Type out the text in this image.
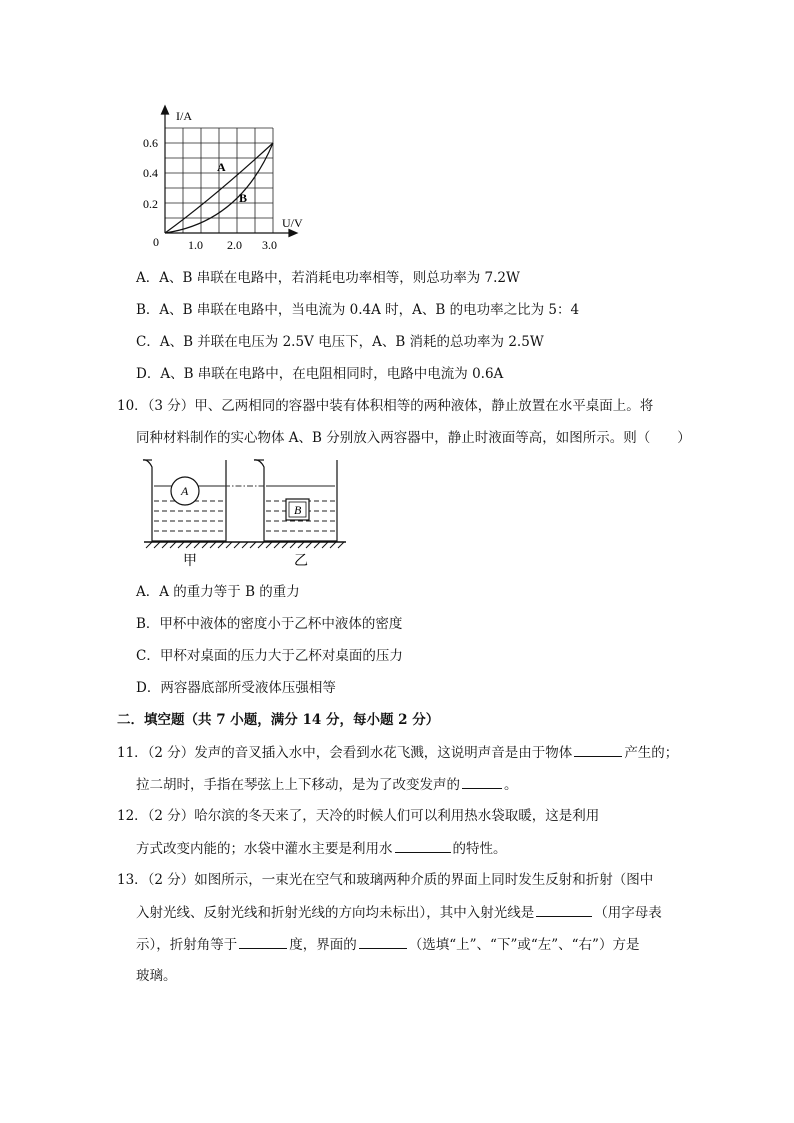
I/A
U/V
0
0.6
0.4
0.2
1.0 2.0 3.0
A
B
A．A、B 串联在电路中，若消耗电功率相等，则总功率为 7.2W
B．A、B 串联在电路中，当电流为 0.4A 时，A、B 的电功率之比为 5：4
C．A、B 并联在电压为 2.5V 电压下，A、B 消耗的总功率为 2.5W
D．A、B 串联在电路中，在电阻相同时，电路中电流为 0.6A
10．（3 分）甲、乙两相同的容器中装有体积相等的两种液体，静止放置在水平桌面上。将
同种材料制作的实心物体 A、B 分别放入两容器中，静止时液面等高，如图所示。则（　　）
A
B
甲	乙
A．A 的重力等于 B 的重力
B．甲杯中液体的密度小于乙杯中液体的密度
C．甲杯对桌面的压力大于乙杯对桌面的压力
D．两容器底部所受液体压强相等
二．填空题（共 7 小题，满分 14 分，每小题 2 分）
11．（2 分）发声的音叉插入水中，会看到水花飞溅，这说明声音是由于物体	产生的；
拉二胡时，手指在琴弦上上下移动，是为了改变发声的	。
12．（2 分）哈尔滨的冬天来了，天冷的时候人们可以利用热水袋取暖，这是利用
方式改变内能的；水袋中灌水主要是利用水	的特性。
13．（2 分）如图所示，一束光在空气和玻璃两种介质的界面上同时发生反射和折射（图中
入射光线、反射光线和折射光线的方向均未标出），其中入射光线是	（用字母表
示），折射角等于	度，界面的	（选填“上”、“下”或“左”、“右”）方是
玻璃。
